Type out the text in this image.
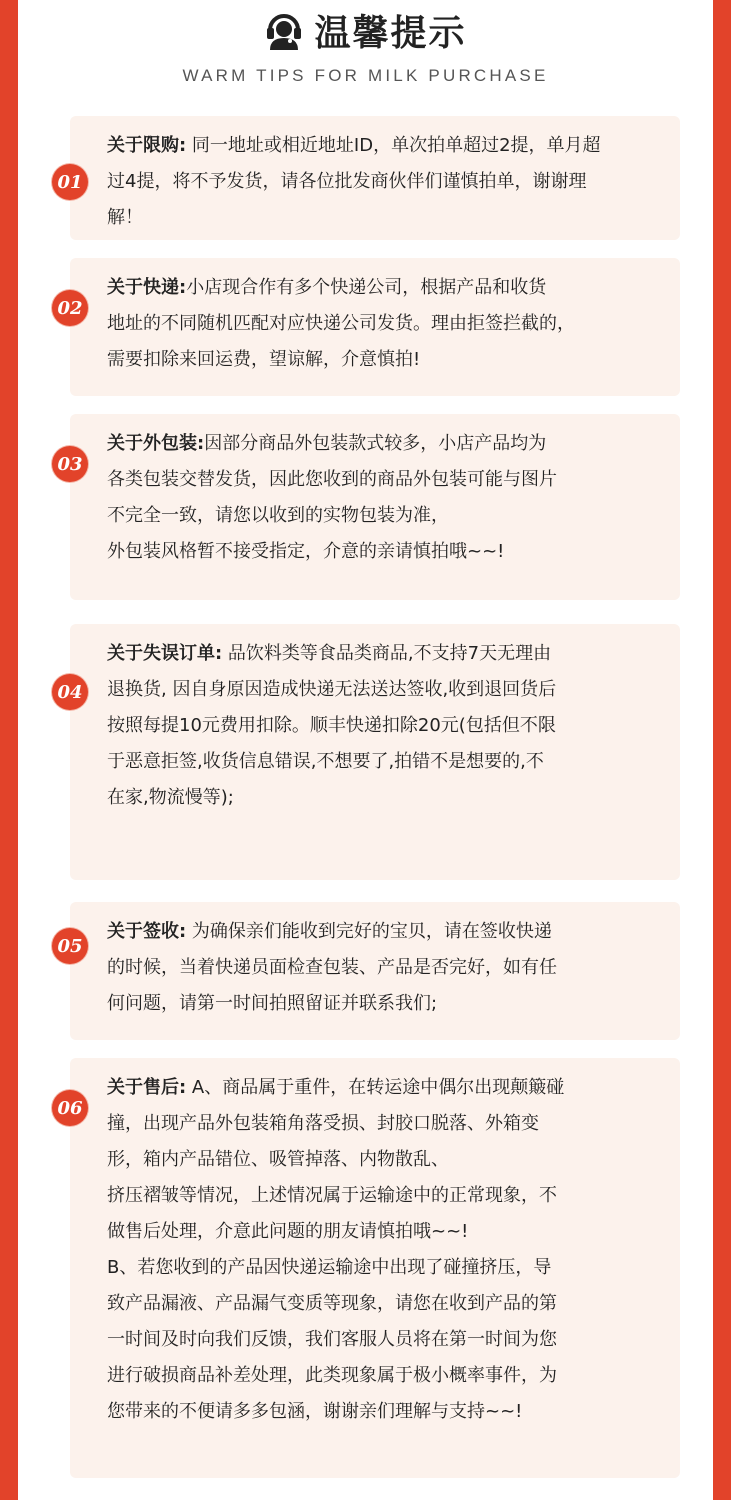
温馨提示
WARM TIPS FOR MILK PURCHASE

关于限购: 同一地址或相近地址ID，单次拍单超过2提，单月超
过4提，将不予发货，请各位批发商伙伴们谨慎拍单，谢谢理
解！

01

关于快递:小店现合作有多个快递公司，根据产品和收货
地址的不同随机匹配对应快递公司发货。理由拒签拦截的，
需要扣除来回运费，望谅解，介意慎拍!

02

关于外包装:因部分商品外包装款式较多，小店产品均为
各类包装交替发货，因此您收到的商品外包装可能与图片
不完全一致，请您以收到的实物包装为准，
外包装风格暂不接受指定，介意的亲请慎拍哦~~!

03

关于失误订单: 品饮料类等食品类商品,不支持7天无理由
退换货, 因自身原因造成快递无法送达签收,收到退回货后
按照每提10元费用扣除。顺丰快递扣除20元(包括但不限
于恶意拒签,收货信息错误,不想要了,拍错不是想要的,不
在家,物流慢等);

04

关于签收: 为确保亲们能收到完好的宝贝，请在签收快递
的时候，当着快递员面检查包装、产品是否完好，如有任
何问题，请第一时间拍照留证并联系我们;

05

关于售后: A、商品属于重件，在转运途中偶尔出现颠簸碰
撞，出现产品外包装箱角落受损、封胶口脱落、外箱变
形，箱内产品错位、吸管掉落、内物散乱、
挤压褶皱等情况，上述情况属于运输途中的正常现象，不
做售后处理，介意此问题的朋友请慎拍哦~~!
B、若您收到的产品因快递运输途中出现了碰撞挤压，导
致产品漏液、产品漏气变质等现象，请您在收到产品的第
一时间及时向我们反馈，我们客服人员将在第一时间为您
进行破损商品补差处理，此类现象属于极小概率事件，为
您带来的不便请多多包涵，谢谢亲们理解与支持~~!

06
